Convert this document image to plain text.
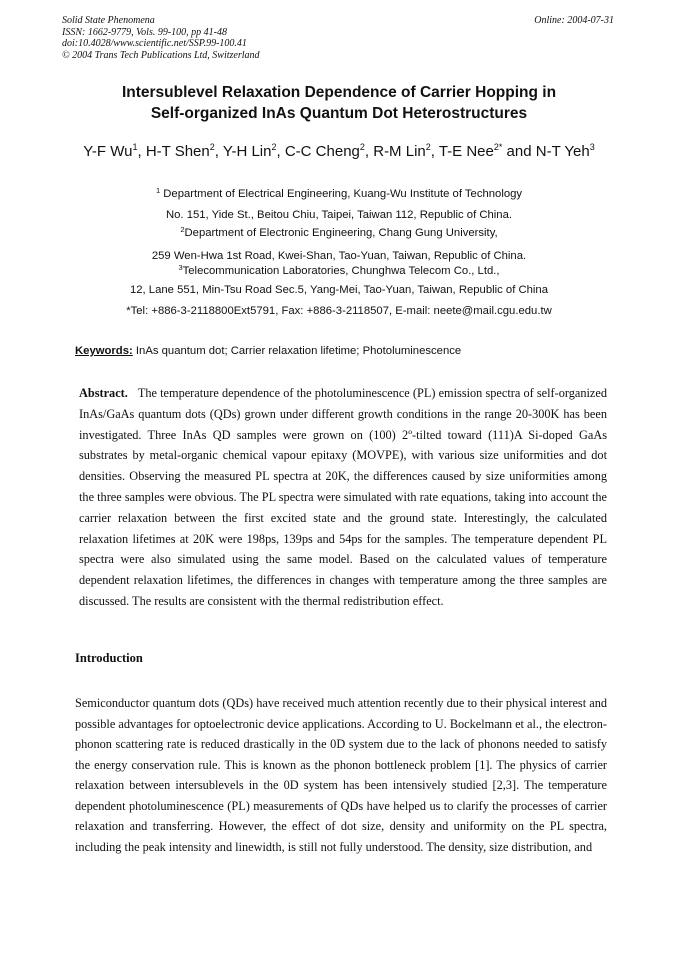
Solid State Phenomena
ISSN: 1662-9779, Vols. 99-100, pp 41-48
doi:10.4028/www.scientific.net/SSP.99-100.41
© 2004 Trans Tech Publications Ltd, Switzerland
Online: 2004-07-31
Intersublevel Relaxation Dependence of Carrier Hopping in
Self-organized InAs Quantum Dot Heterostructures
Y-F Wu$^1$, H-T Shen$^2$, Y-H Lin$^2$, C-C Cheng$^2$, R-M Lin$^2$, T-E Nee$^{2*}$ and N-T Yeh$^3$
$^1$ Department of Electrical Engineering, Kuang-Wu Institute of Technology
No. 151, Yide St., Beitou Chiu, Taipei, Taiwan 112, Republic of China.
$^2$Department of Electronic Engineering, Chang Gung University,
259 Wen-Hwa 1st Road, Kwei-Shan, Tao-Yuan, Taiwan, Republic of China.
$^3$Telecommunication Laboratories, Chunghwa Telecom Co., Ltd.,
12, Lane 551, Min-Tsu Road Sec.5, Yang-Mei, Tao-Yuan, Taiwan, Republic of China
*Tel: +886-3-2118800Ext5791, Fax: +886-3-2118507, E-mail: neete@mail.cgu.edu.tw
Keywords: InAs quantum dot; Carrier relaxation lifetime; Photoluminescence
Abstract. The temperature dependence of the photoluminescence (PL) emission spectra of self-organized InAs/GaAs quantum dots (QDs) grown under different growth conditions in the range 20-300K has been investigated. Three InAs QD samples were grown on (100) 2º-tilted toward (111)A Si-doped GaAs substrates by metal-organic chemical vapour epitaxy (MOVPE), with various size uniformities and dot densities. Observing the measured PL spectra at 20K, the differences caused by size uniformities among the three samples were obvious. The PL spectra were simulated with rate equations, taking into account the carrier relaxation between the first excited state and the ground state. Interestingly, the calculated relaxation lifetimes at 20K were 198ps, 139ps and 54ps for the samples. The temperature dependent PL spectra were also simulated using the same model. Based on the calculated values of temperature dependent relaxation lifetimes, the differences in changes with temperature among the three samples are discussed. The results are consistent with the thermal redistribution effect.
Introduction
Semiconductor quantum dots (QDs) have received much attention recently due to their physical interest and possible advantages for optoelectronic device applications. According to U. Bockelmann et al., the electron-phonon scattering rate is reduced drastically in the 0D system due to the lack of phonons needed to satisfy the energy conservation rule. This is known as the phonon bottleneck problem [1]. The physics of carrier relaxation between intersublevels in the 0D system has been intensively studied [2,3]. The temperature dependent photoluminescence (PL) measurements of QDs have helped us to clarify the processes of carrier relaxation and transferring. However, the effect of dot size, density and uniformity on the PL spectra, including the peak intensity and linewidth, is still not fully understood. The density, size distribution, and
